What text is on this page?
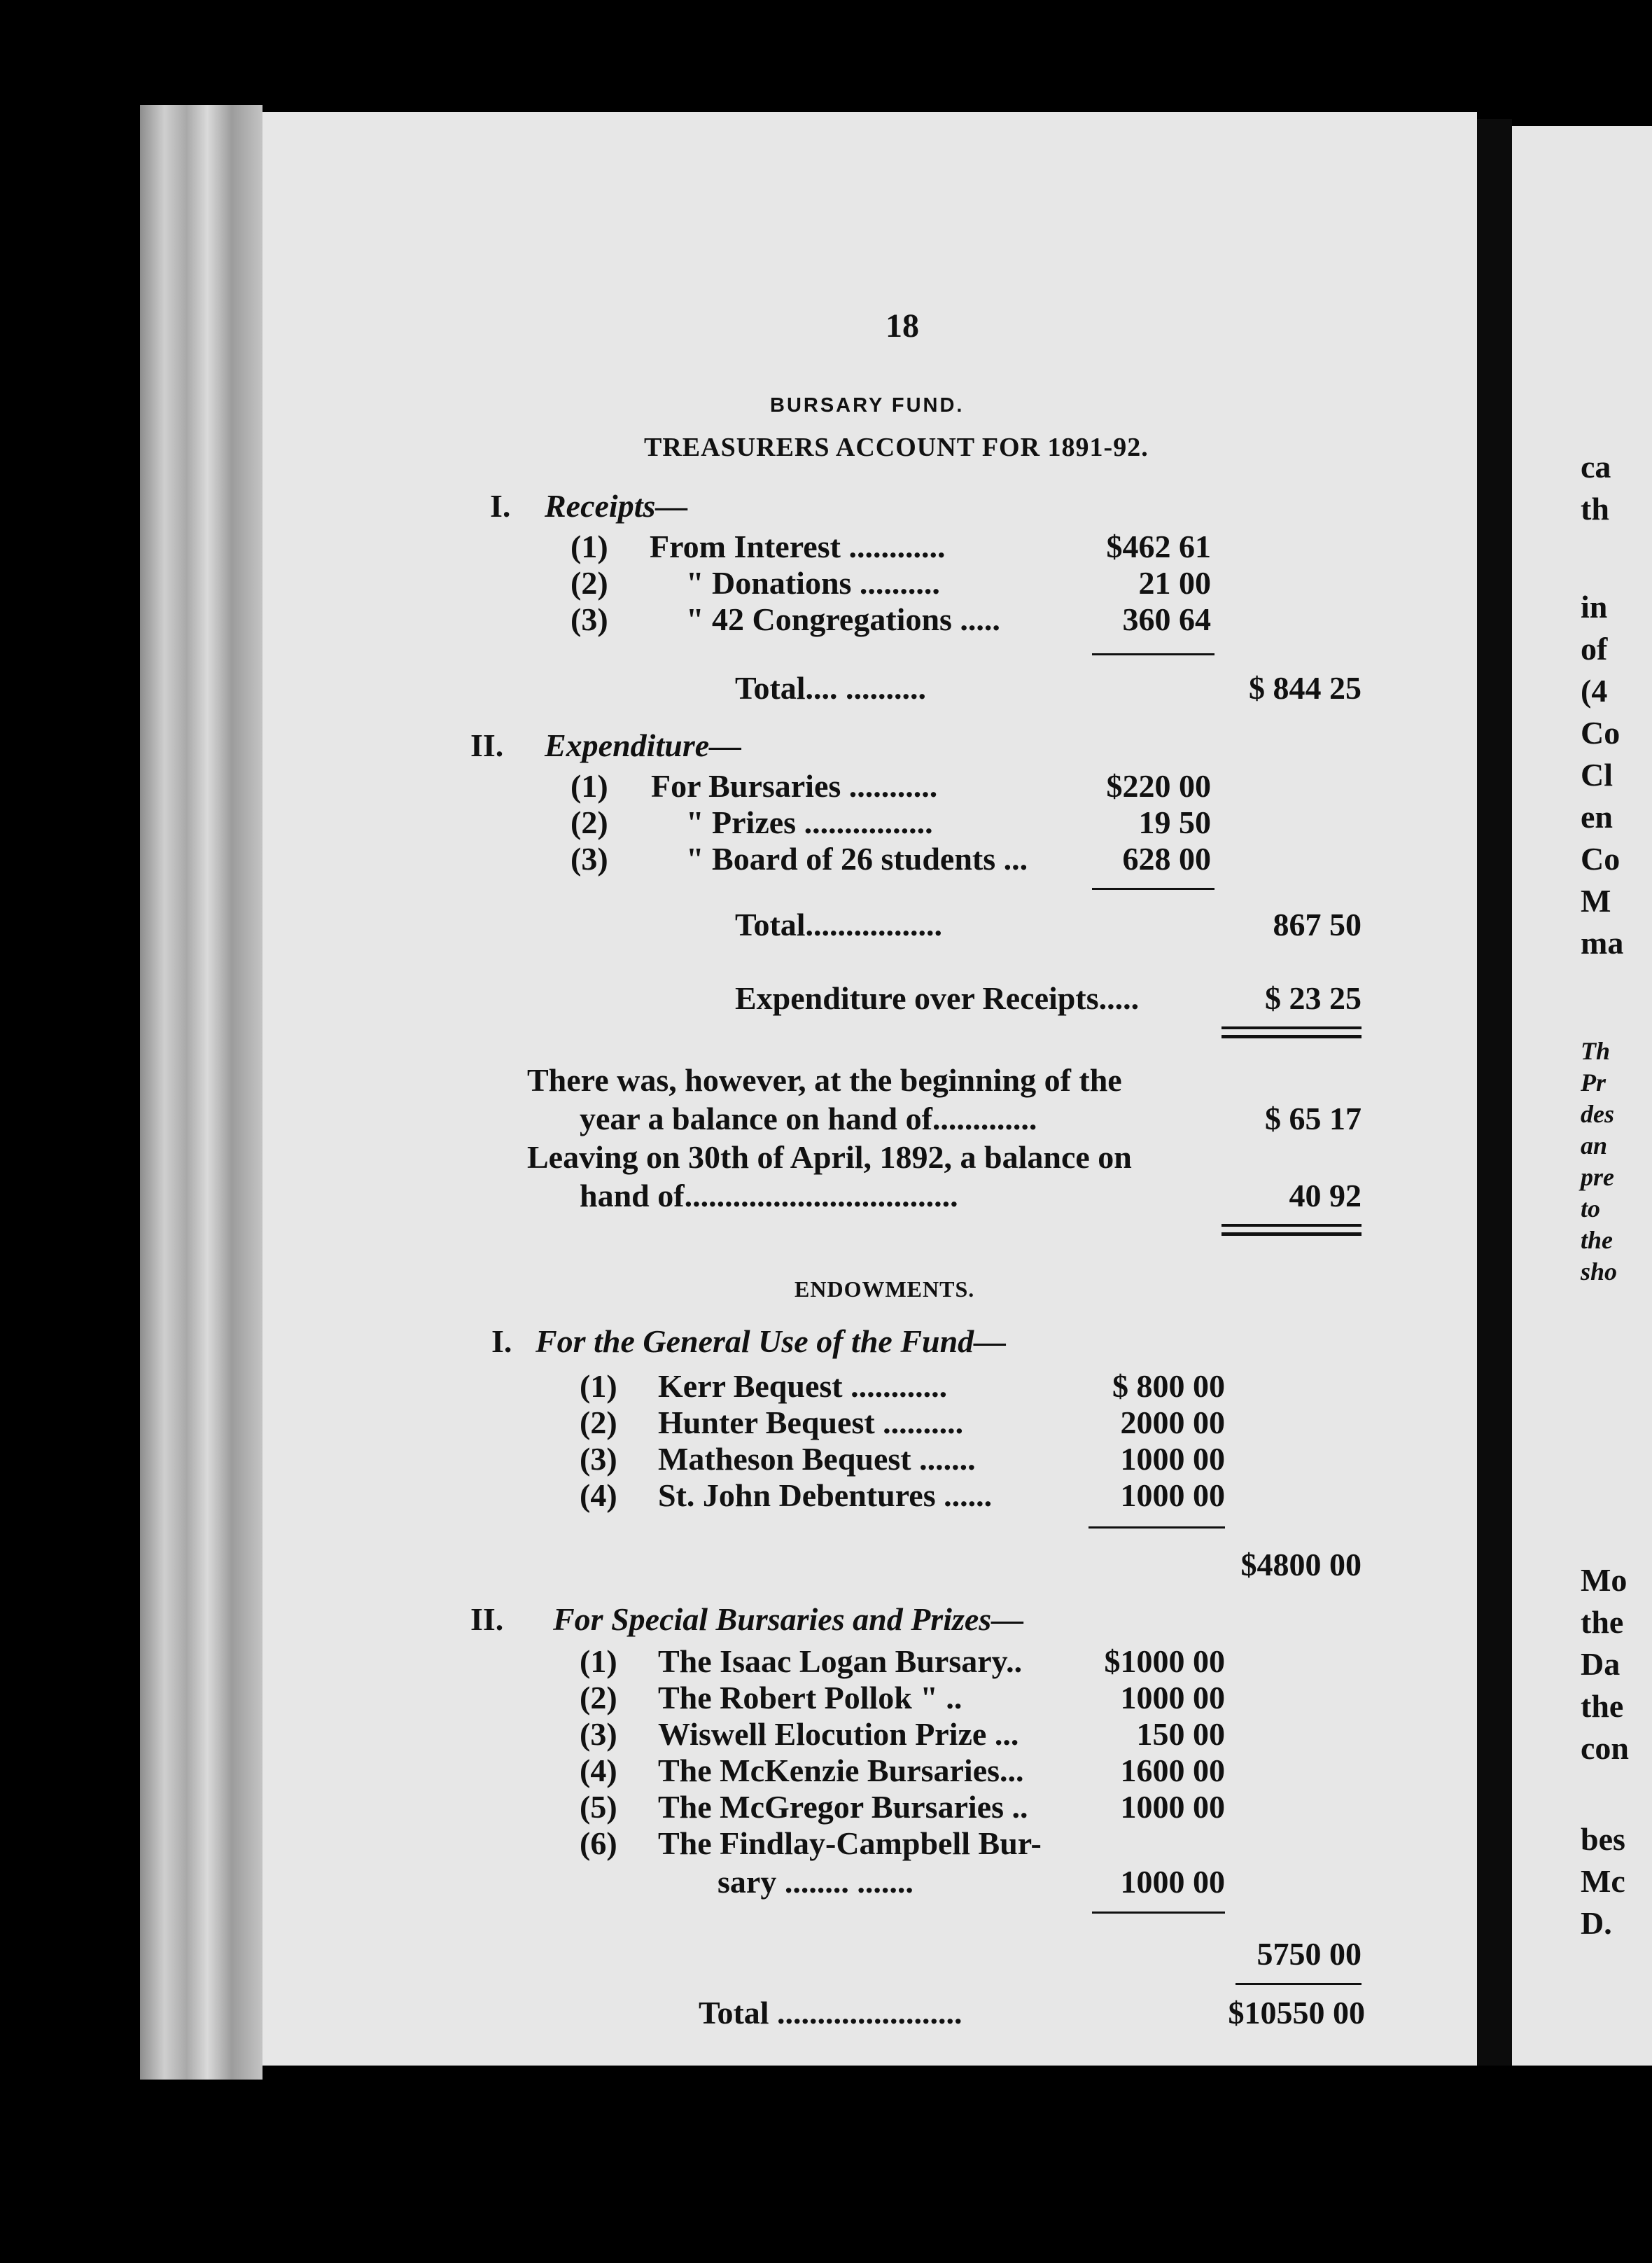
ca
th
in
of
(4
Co
Cl
en
Co
M
ma
Th
Pr
des
an
pre
to
the
sho
Mo
the
Da
the
con
bes
Mc
D.
18
BURSARY FUND.
TREASURERS ACCOUNT FOR 1891-92.
I. Receipts—
(1) From Interest ............	$462 61
(2) " Donations ..........	21 00
(3) " 42 Congregations .....	360 64
Total.... ..........	$ 844 25
II. Expenditure—
(1) For Bursaries ...........	$220 00
(2) " Prizes ................	19 50
(3) " Board of 26 students ...	628 00
Total.................	867 50
Expenditure over Receipts.....	$ 23 25
There was, however, at the beginning of the
year a balance on hand of.............	$ 65 17
Leaving on 30th of April, 1892, a balance on
hand of..................................	40 92
ENDOWMENTS.
I. For the General Use of the Fund—
(1) Kerr Bequest ............	$ 800 00
(2) Hunter Bequest ..........	2000 00
(3) Matheson Bequest .......	1000 00
(4) St. John Debentures ......	1000 00
$4800 00
II. For Special Bursaries and Prizes—
(1) The Isaac Logan Bursary..	$1000 00
(2) The Robert Pollok " ..	1000 00
(3) Wiswell Elocution Prize ...	150 00
(4) The McKenzie Bursaries...	1600 00
(5) The McGregor Bursaries ..	1000 00
(6) The Findlay-Campbell Bur-
sary ........ .......	1000 00
5750 00
Total .......................	$10550 00
